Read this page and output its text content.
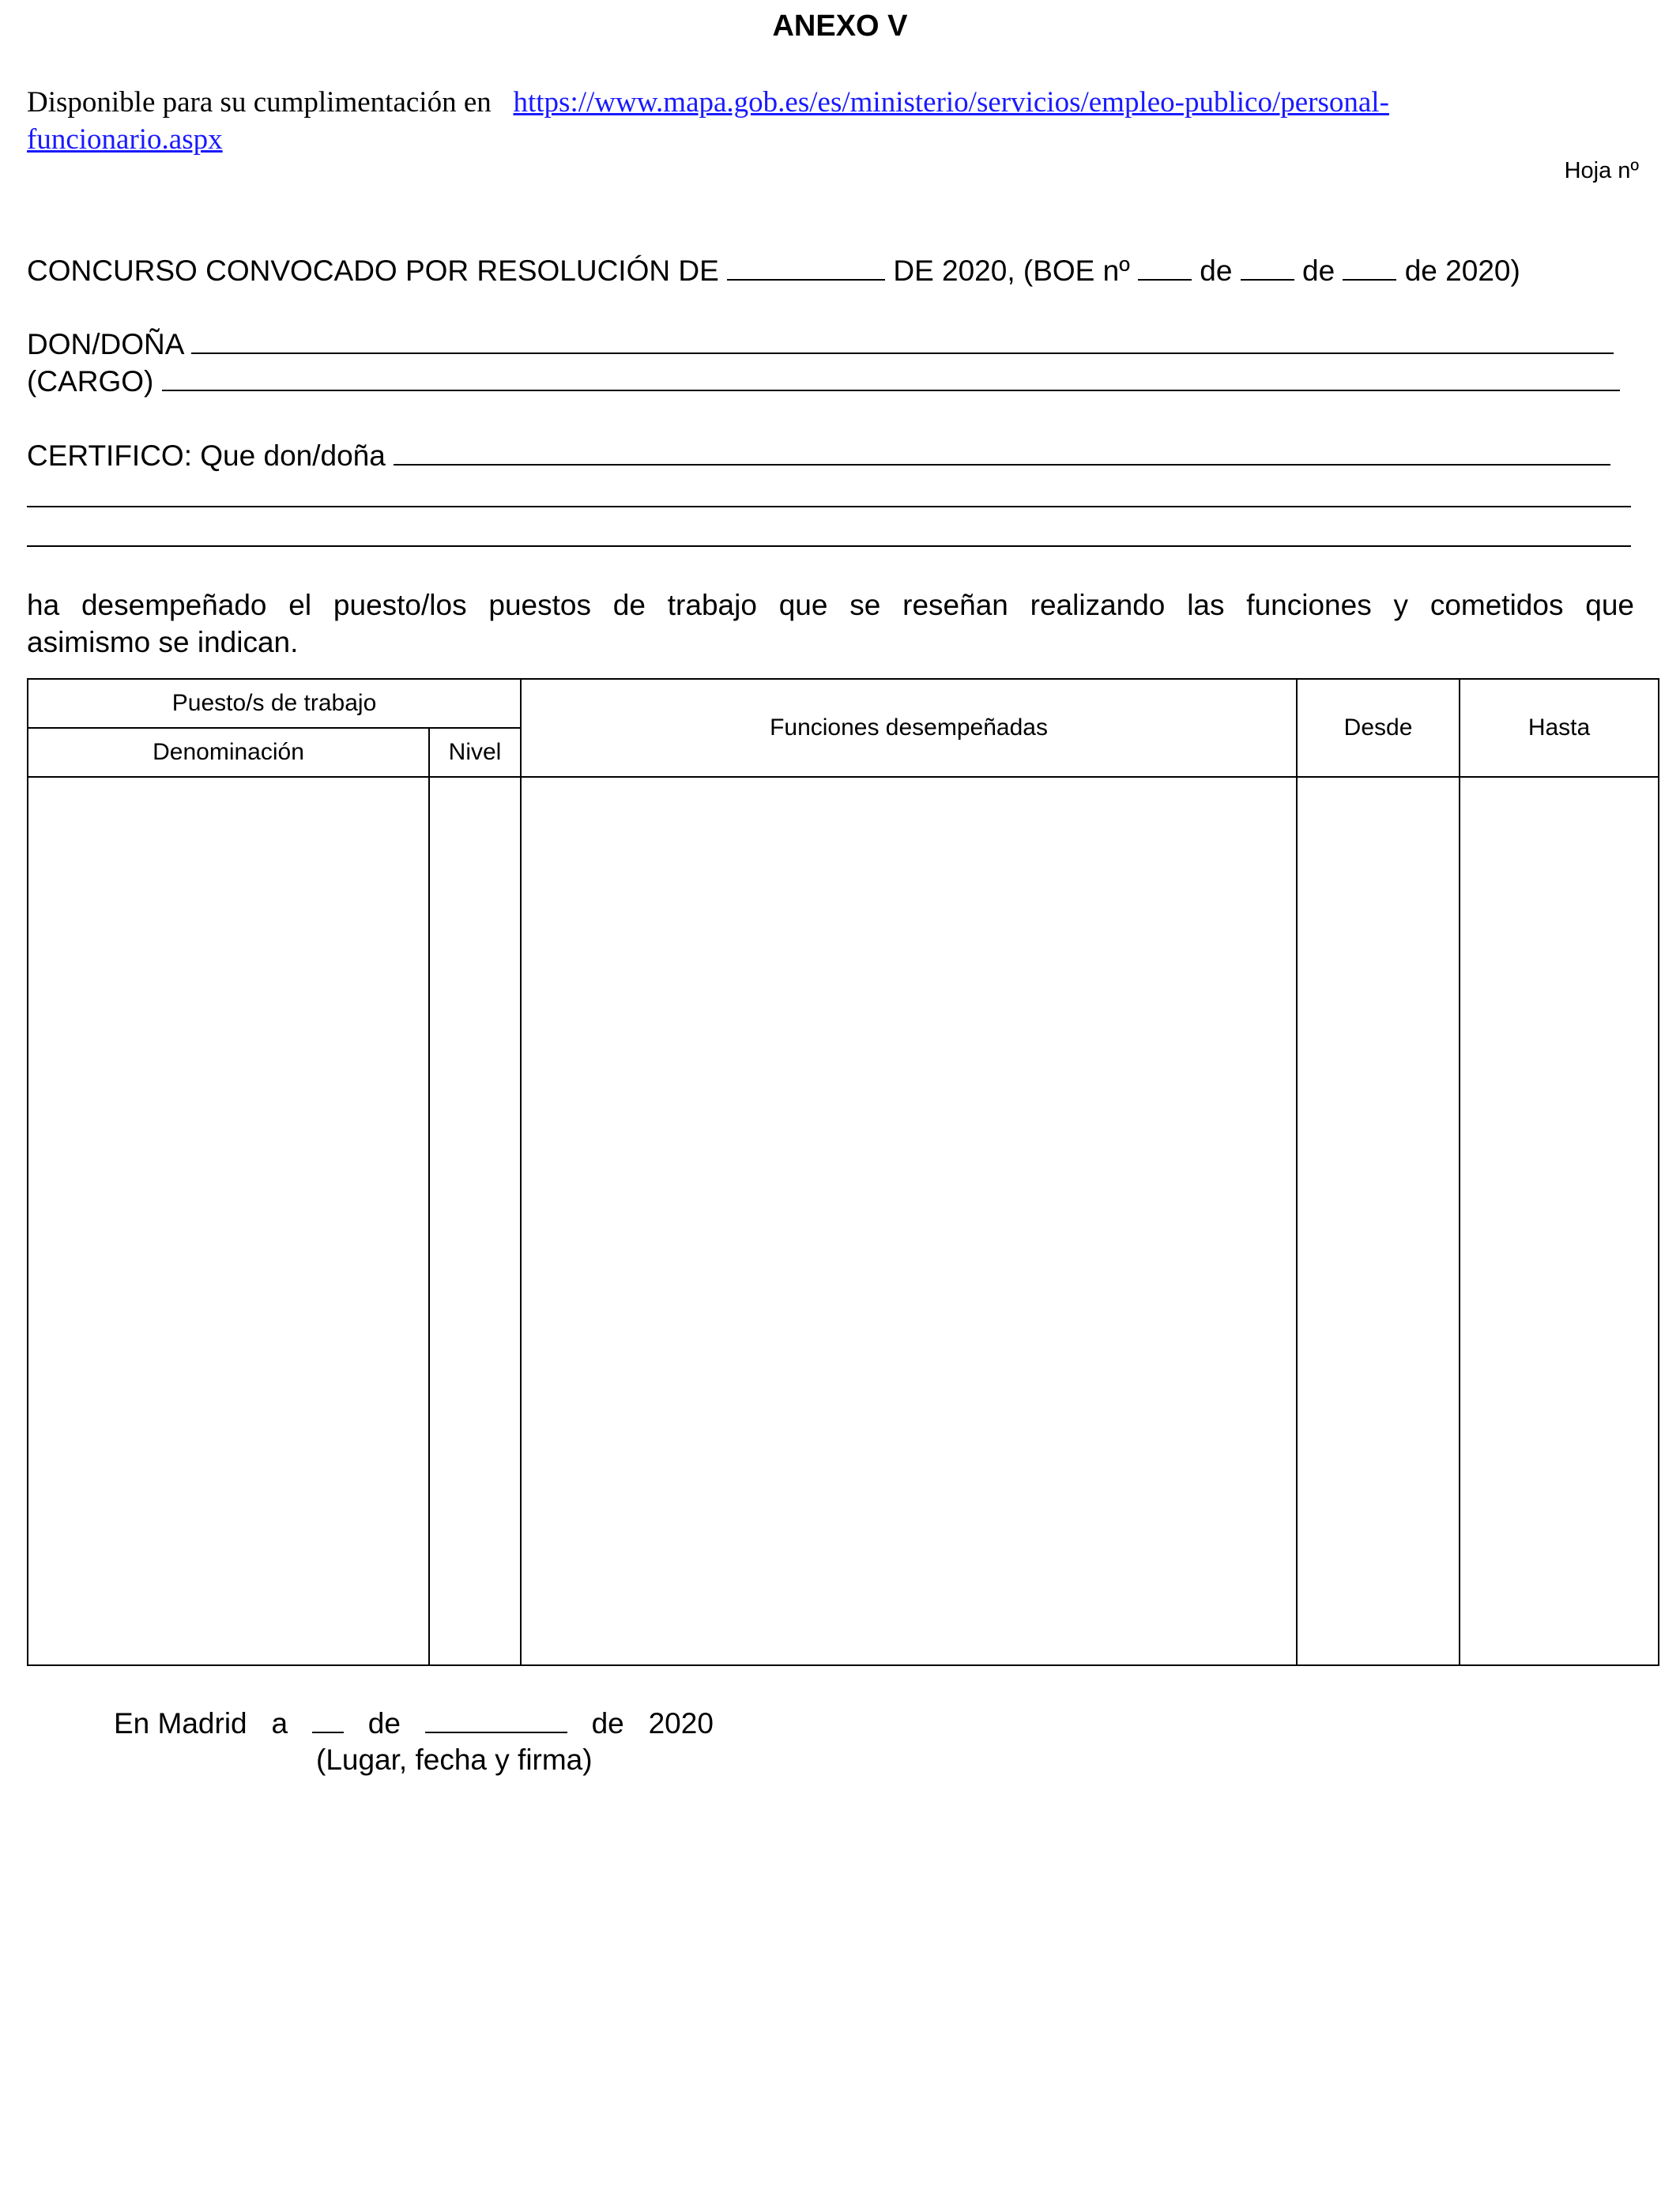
ANEXO V
Disponible para su cumplimentación en https://www.mapa.gob.es/es/ministerio/servicios/empleo-publico/personal-
funcionario.aspx
Hoja nº
CONCURSO CONVOCADO POR RESOLUCIÓN DE	DE 2020, (BOE nº de de de 2020)
DON/DOÑA
(CARGO)
CERTIFICO: Que don/doña
ha desempeñado el puesto/los puestos de trabajo que se reseñan realizando las funciones y cometidos que
asimismo se indican.
Puesto/s de trabajo		Funciones desempeñadas	Desde	Hasta
Denominación	Nivel			

En Madrid a	de	de 2020
(Lugar, fecha y firma)
